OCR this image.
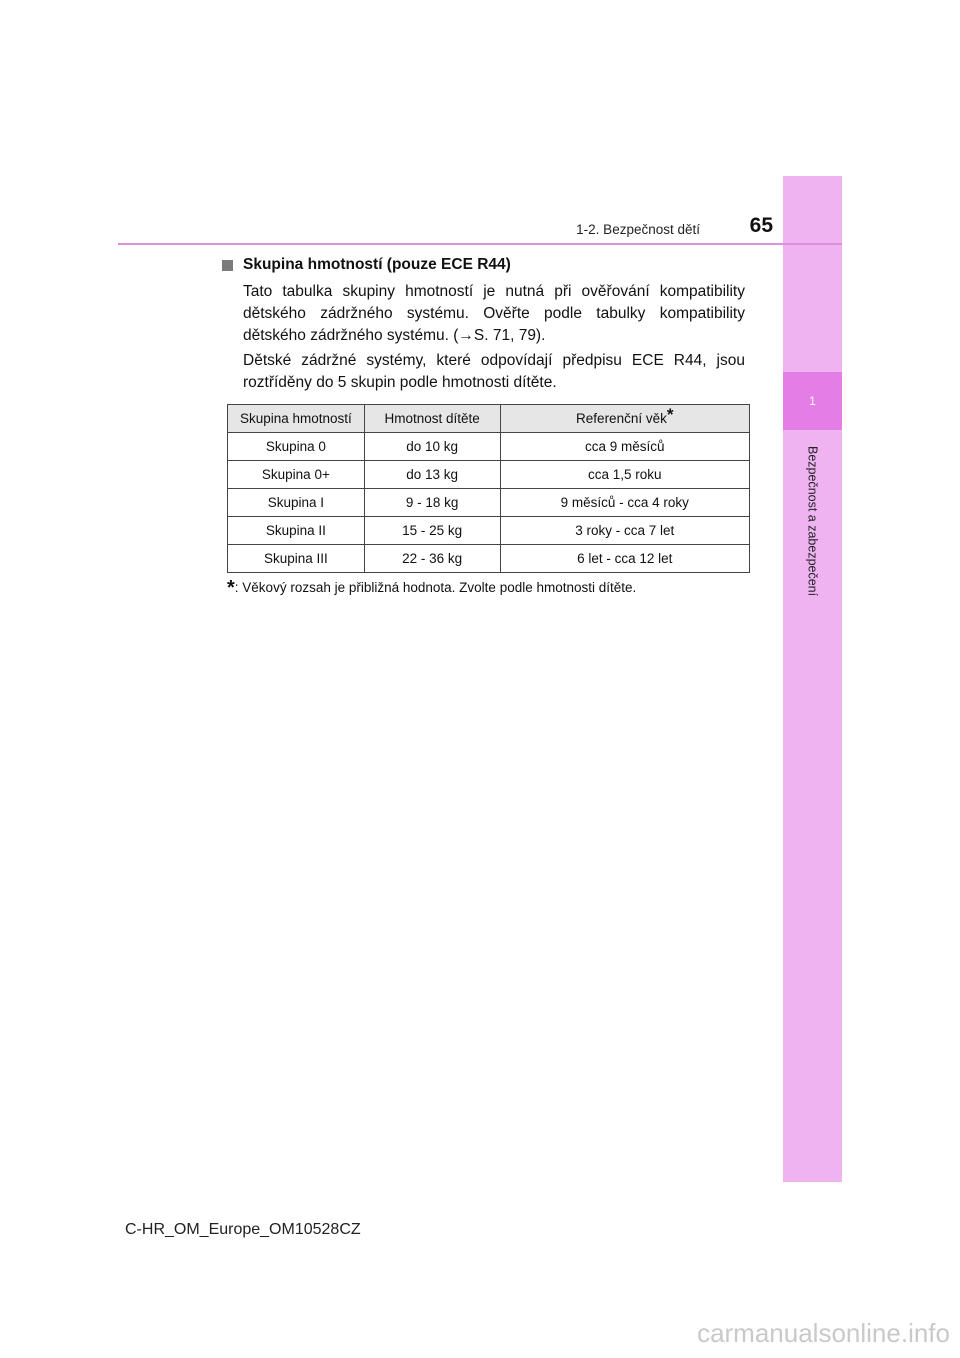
1
Bezpečnost a zabezpečení
1-2. Bezpečnost dětí	65
Skupina hmotností (pouze ECE R44)
Tato tabulka skupiny hmotností je nutná při ověřování kompatibility dětského zádržného systému. Ověřte podle tabulky kompatibility dětského zádržného systému. (→S. 71, 79).
Dětské zádržné systémy, které odpovídají předpisu ECE R44, jsou roztříděny do 5 skupin podle hmotnosti dítěte.
Skupina hmotností	Hmotnost dítěte	Referenční věk*
Skupina 0	do 10 kg	cca 9 měsíců
Skupina 0+	do 13 kg	cca 1,5 roku
Skupina I	9 - 18 kg	9 měsíců - cca 4 roky
Skupina II	15 - 25 kg	3 roky - cca 7 let
Skupina III	22 - 36 kg	6 let - cca 12 let
*: Věkový rozsah je přibližná hodnota. Zvolte podle hmotnosti dítěte.
C-HR_OM_Europe_OM10528CZ
carmanualsonline.info
